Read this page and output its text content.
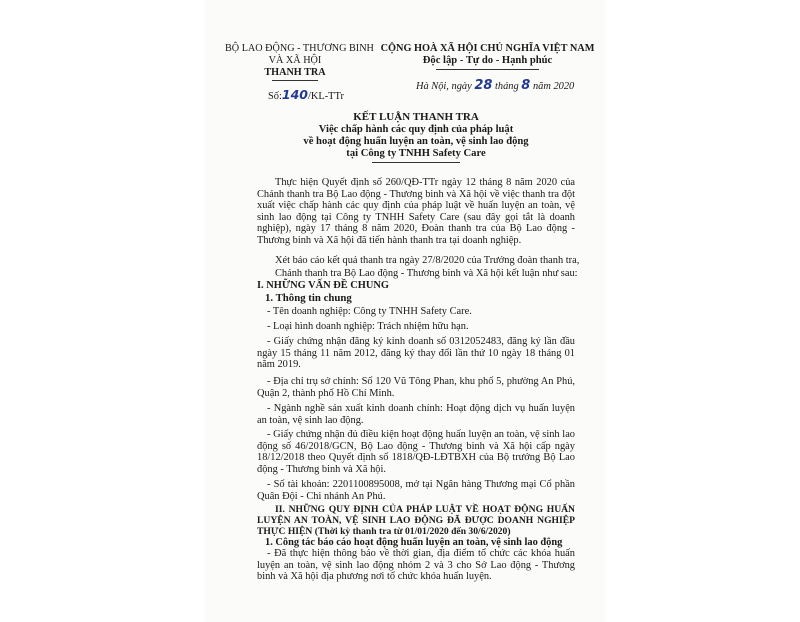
BỘ LAO ĐỘNG - THƯƠNG BINH
VÀ XÃ HỘI
THANH TRA
Số:140/KL-TTr
CỘNG HOÀ XÃ HỘI CHỦ NGHĨA VIỆT NAM
Độc lập - Tự do - Hạnh phúc
Hà Nội, ngày 28 tháng 8 năm 2020
KẾT LUẬN THANH TRA
Việc chấp hành các quy định của pháp luật
về hoạt động huấn luyện an toàn, vệ sinh lao động
tại Công ty TNHH Safety Care
Thực hiện Quyết định số 260/QĐ-TTr ngày 12 tháng 8 năm 2020 của Chánh thanh tra Bộ Lao động - Thương binh và Xã hội về việc thanh tra đột xuất việc chấp hành các quy định của pháp luật về huấn luyện an toàn, vệ sinh lao động tại Công ty TNHH Safety Care (sau đây gọi tắt là doanh nghiệp), ngày 17 tháng 8 năm 2020, Đoàn thanh tra của Bộ Lao động - Thương binh và Xã hội đã tiến hành thanh tra tại doanh nghiệp.
Xét báo cáo kết quả thanh tra ngày 27/8/2020 của Trưởng đoàn thanh tra,
Chánh thanh tra Bộ Lao động - Thương binh và Xã hội kết luận như sau:
I. NHỮNG VẤN ĐỀ CHUNG
1. Thông tin chung
- Tên doanh nghiệp: Công ty TNHH Safety Care.
- Loại hình doanh nghiệp: Trách nhiệm hữu hạn.
- Giấy chứng nhận đăng ký kinh doanh số 0312052483, đăng ký lần đầu ngày 15 tháng 11 năm 2012, đăng ký thay đổi lần thứ 10 ngày 18 tháng 01 năm 2019.
- Địa chỉ trụ sở chính: Số 120 Vũ Tông Phan, khu phố 5, phường An Phú, Quận 2, thành phố Hồ Chí Minh.
- Ngành nghề sản xuất kinh doanh chính: Hoạt động dịch vụ huấn luyện an toàn, vệ sinh lao động.
- Giấy chứng nhận đủ điều kiện hoạt động huấn luyện an toàn, vệ sinh lao động số 46/2018/GCN, Bộ Lao động - Thương binh và Xã hội cấp ngày 18/12/2018 theo Quyết định số 1818/QĐ-LĐTBXH của Bộ trưởng Bộ Lao động - Thương binh và Xã hội.
- Số tài khoản: 2201100895008, mở tại Ngân hàng Thương mại Cổ phần Quân Đội - Chi nhánh An Phú.
II. NHỮNG QUY ĐỊNH CỦA PHÁP LUẬT VỀ HOẠT ĐỘNG HUẤN LUYỆN AN TOÀN, VỆ SINH LAO ĐỘNG ĐÃ ĐƯỢC DOANH NGHIỆP THỰC HIỆN (Thời kỳ thanh tra từ 01/01/2020 đến 30/6/2020)
1. Công tác báo cáo hoạt động huấn luyện an toàn, vệ sinh lao động
- Đã thực hiện thông báo về thời gian, địa điểm tổ chức các khóa huấn luyện an toàn, vệ sinh lao động nhóm 2 và 3 cho Sở Lao động - Thương binh và Xã hội địa phương nơi tổ chức khóa huấn luyện.
